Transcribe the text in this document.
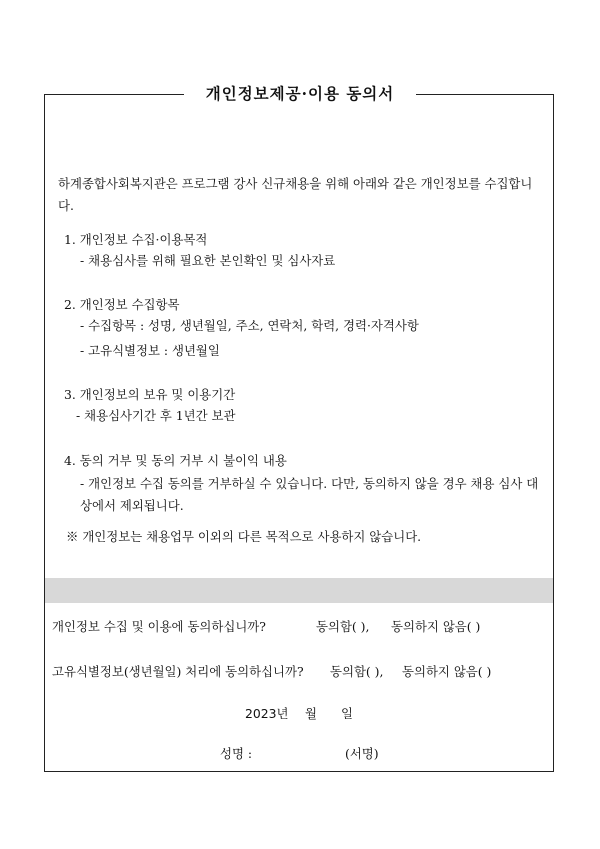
개인정보제공·이용 동의서
하계종합사회복지관은 프로그램 강사 신규채용을 위해 아래와 같은 개인정보를 수집합니다.
1. 개인정보 수집·이용목적
- 채용심사를 위해 필요한 본인확인 및 심사자료
2. 개인정보 수집항목
- 수집항목 : 성명, 생년월일, 주소, 연락처, 학력, 경력·자격사항
- 고유식별정보 : 생년월일
3. 개인정보의 보유 및 이용기간
- 채용심사기간 후 1년간 보관
4. 동의 거부 및 동의 거부 시 불이익 내용
- 개인정보 수집 동의를 거부하실 수 있습니다. 다만, 동의하지 않을 경우 채용 심사 대상에서 제외됩니다.
※ 개인정보는 채용업무 이외의 다른 목적으로 사용하지 않습니다.
개인정보 수집 및 이용에 동의하십니까?	동의함( ), 동의하지 않음( )
고유식별정보(생년월일) 처리에 동의하십니까? 동의함( ), 동의하지 않음( )
2023년 월 일
성명 :	(서명)
